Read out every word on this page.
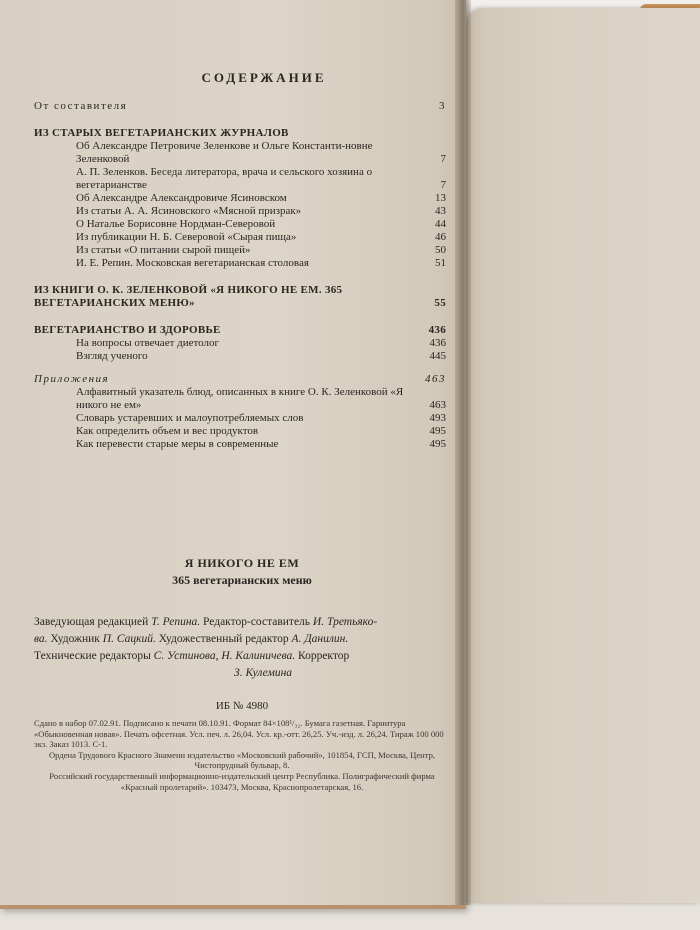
СОДЕРЖАНИЕ
От составителя	3
ИЗ СТАРЫХ ВЕГЕТАРИАНСКИХ ЖУРНАЛОВ
Об Александре Петровиче Зеленкове и Ольге Константи-новне Зеленковой	7
А. П. Зеленков. Беседа литератора, врача и сельского хозяина о вегетарианстве	7
Об Александре Александровиче Ясиновском	13
Из статьи А. А. Ясиновского «Мясной призрак»	43
О Наталье Борисовне Нордман-Северовой	44
Из публикации Н. Б. Северовой «Сырая пища»	46
Из статьи «О питании сырой пищей»	50
И. Е. Репин. Московская вегетарианская столовая	51
ИЗ КНИГИ О. К. ЗЕЛЕНКОВОЙ «Я НИКОГО НЕ ЕМ. 365 ВЕГЕТАРИАНСКИХ МЕНЮ»	55
ВЕГЕТАРИАНСТВО И ЗДОРОВЬЕ	436
На вопросы отвечает диетолог	436
Взгляд ученого	445
Приложения	463
Алфавитный указатель блюд, описанных в книге О. К. Зеленковой «Я никого не ем»	463
Словарь устаревших и малоупотребляемых слов	493
Как определить объем и вес продуктов	495
Как перевести старые меры в современные	495
Я НИКОГО НЕ ЕМ
365 вегетарианских меню
Заведующая редакцией Т. Репина. Редактор-составитель И. Третьяко-
ва. Художник П. Сацкий. Художественный редактор А. Данилин.
Технические редакторы С. Устинова, Н. Калиничева. Корректор
З. Кулемина
ИБ № 4980

Сдано в набор 07.02.91. Подписано к печати 08.10.91. Формат 84×108¹/₃₂. Бумага газетная. Гарнитура «Обыкновенная новая». Печать офсетная. Усл. печ. л. 26,04. Усл. кр.-отт. 26,25. Уч.-изд. л. 26,24. Тираж 100 000 экз. Заказ 1013. С-1.

Ордена Трудового Красного Знамени издательство «Московский рабочий», 101854, ГСП, Москва, Центр, Чистопрудный бульвар, 8.

Российский государственный информационно-издательский центр Республика. Полиграфический фирма «Красный пролетарий». 103473, Москва, Краснопролетарская, 16.
